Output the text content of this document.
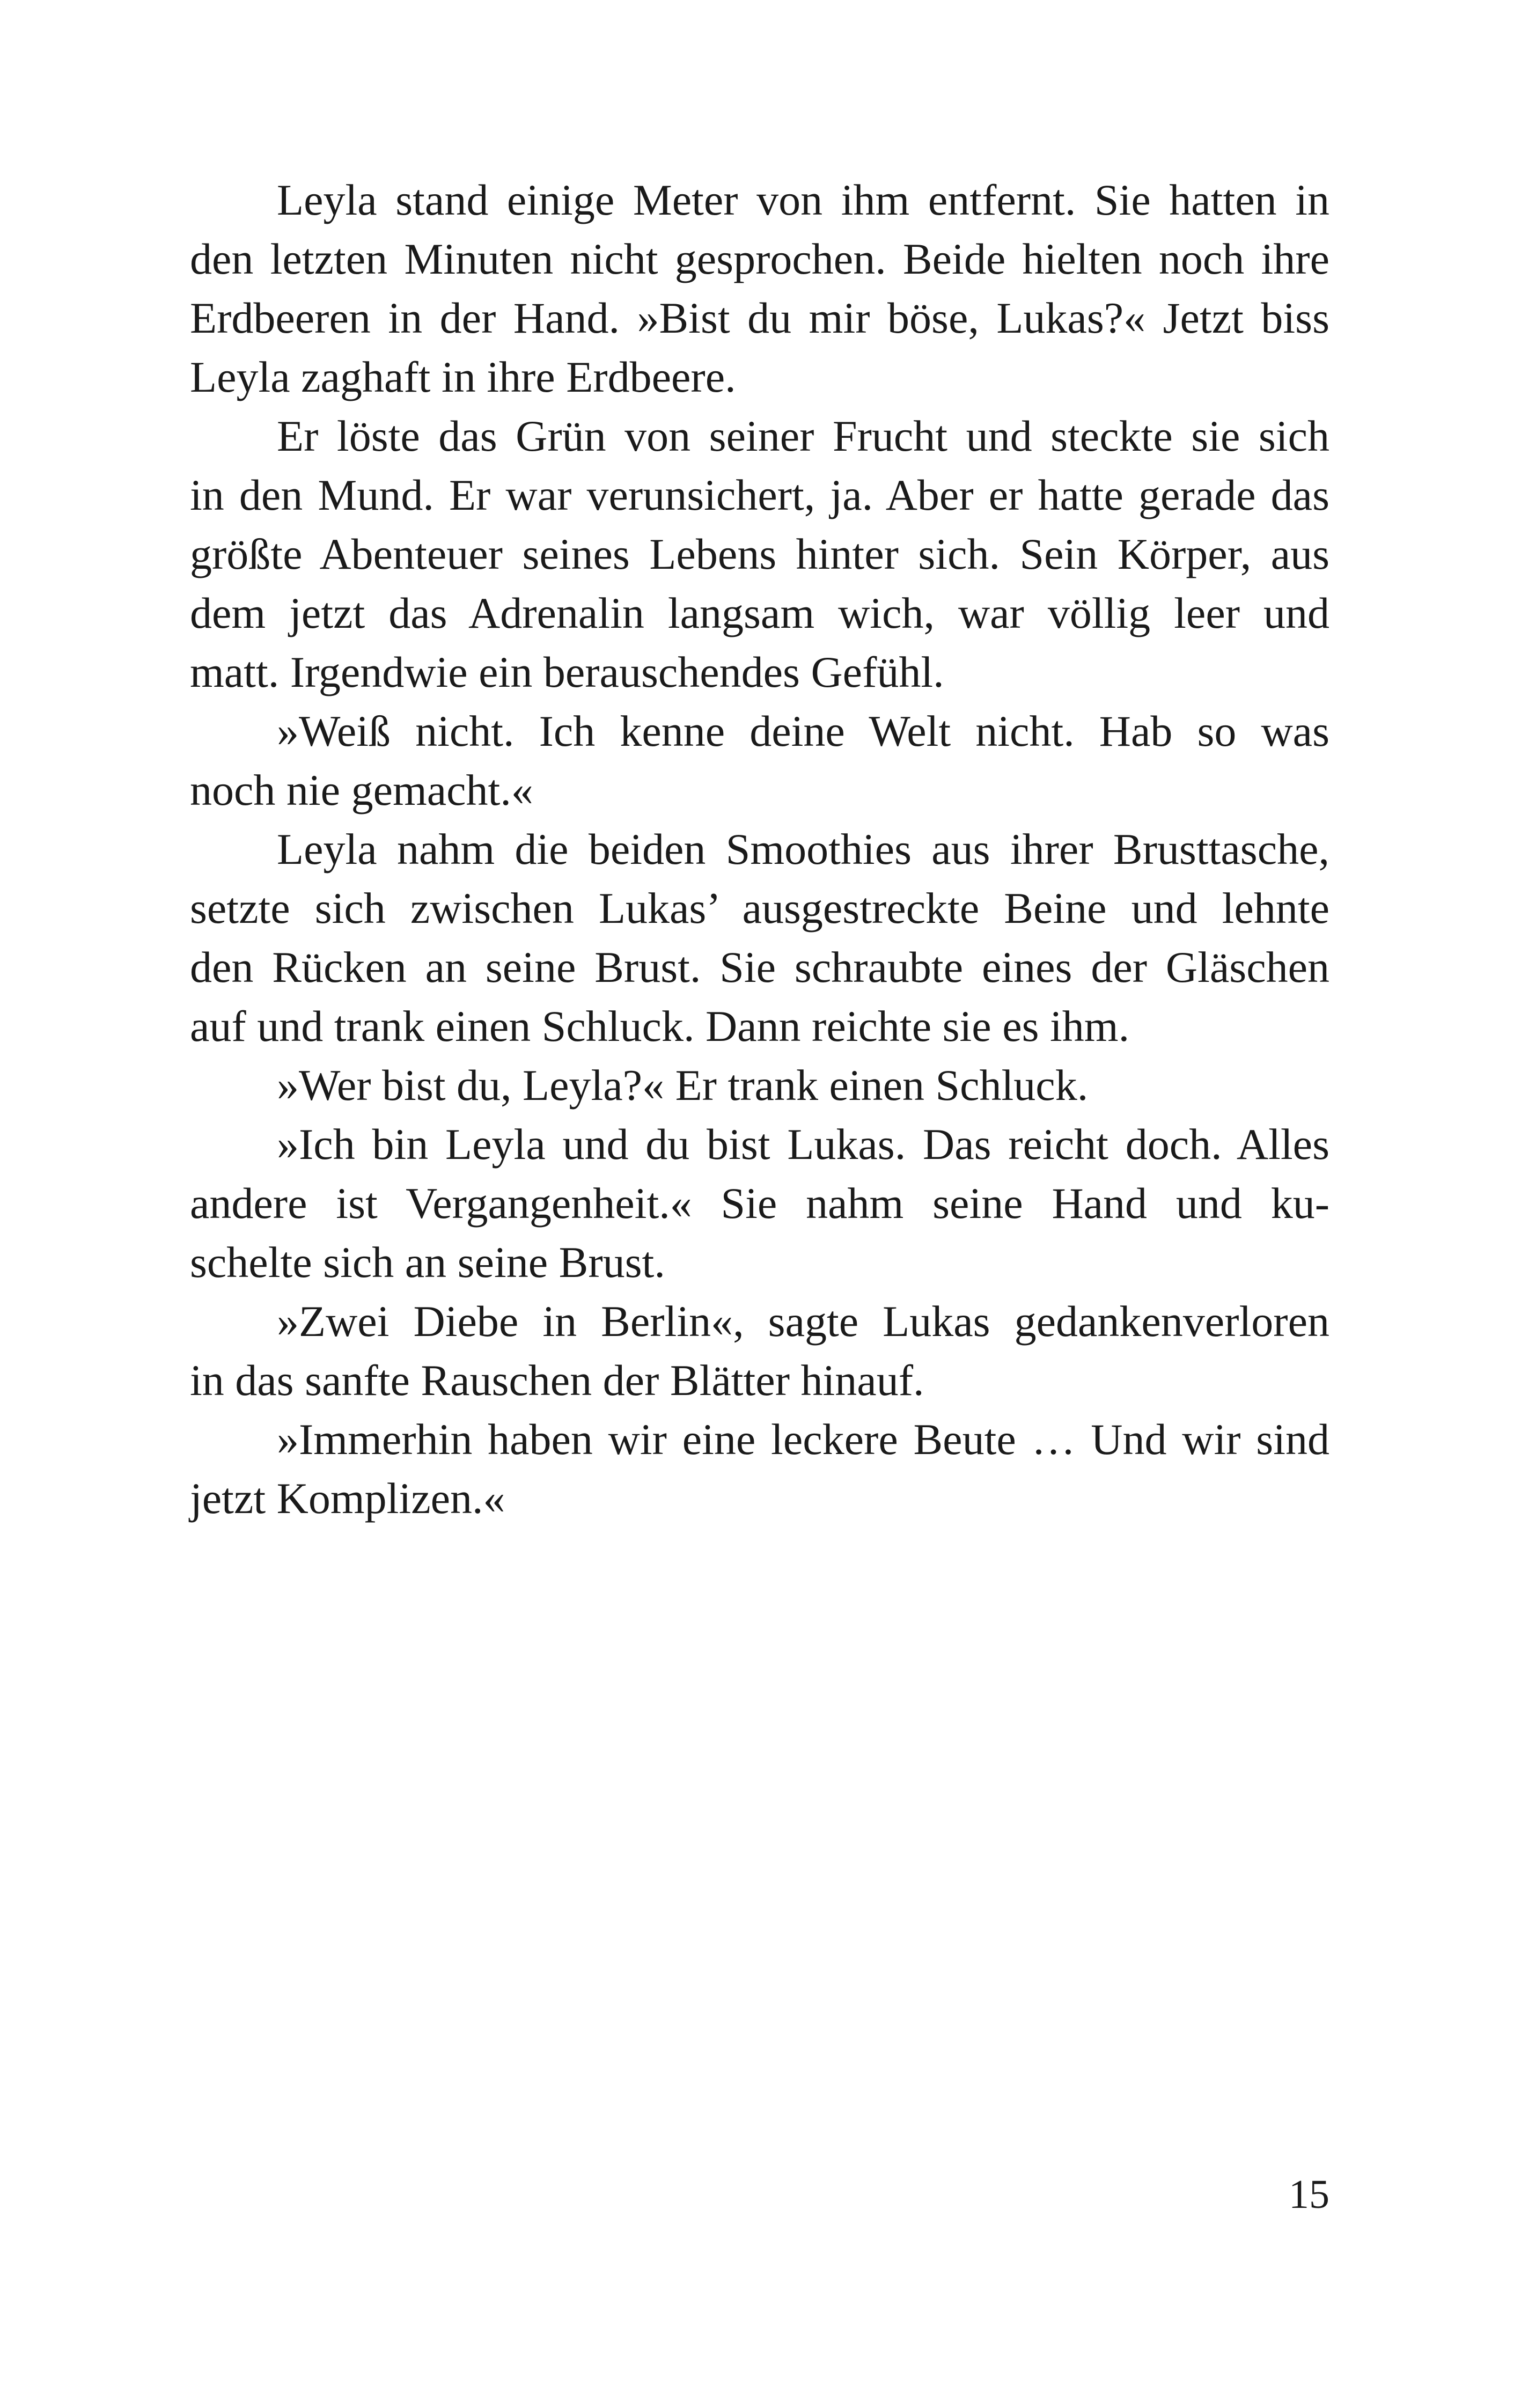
Leyla stand einige Meter von ihm entfernt. Sie hatten in

den letzten Minuten nicht gesprochen. Beide hielten noch ihre

Erdbeeren in der Hand. »Bist du mir böse, Lukas?« Jetzt biss

Leyla zaghaft in ihre Erdbeere.

Er löste das Grün von seiner Frucht und steckte sie sich

in den Mund. Er war verunsichert, ja. Aber er hatte gerade das

größte Abenteuer seines Lebens hinter sich. Sein Körper, aus

dem jetzt das Adrenalin langsam wich, war völlig leer und

matt. Irgendwie ein berauschendes Gefühl.

»Weiß nicht. Ich kenne deine Welt nicht. Hab so was

noch nie gemacht.«

Leyla nahm die beiden Smoothies aus ihrer Brusttasche,

setzte sich zwischen Lukas’ ausgestreckte Beine und lehnte

den Rücken an seine Brust. Sie schraubte eines der Gläschen

auf und trank einen Schluck. Dann reichte sie es ihm.

»Wer bist du, Leyla?« Er trank einen Schluck.

»Ich bin Leyla und du bist Lukas. Das reicht doch. Alles

andere ist Vergangenheit.« Sie nahm seine Hand und ku-

schelte sich an seine Brust.

»Zwei Diebe in Berlin«, sagte Lukas gedankenverloren

in das sanfte Rauschen der Blätter hinauf.

»Immerhin haben wir eine leckere Beute … Und wir sind

jetzt Komplizen.«

15
